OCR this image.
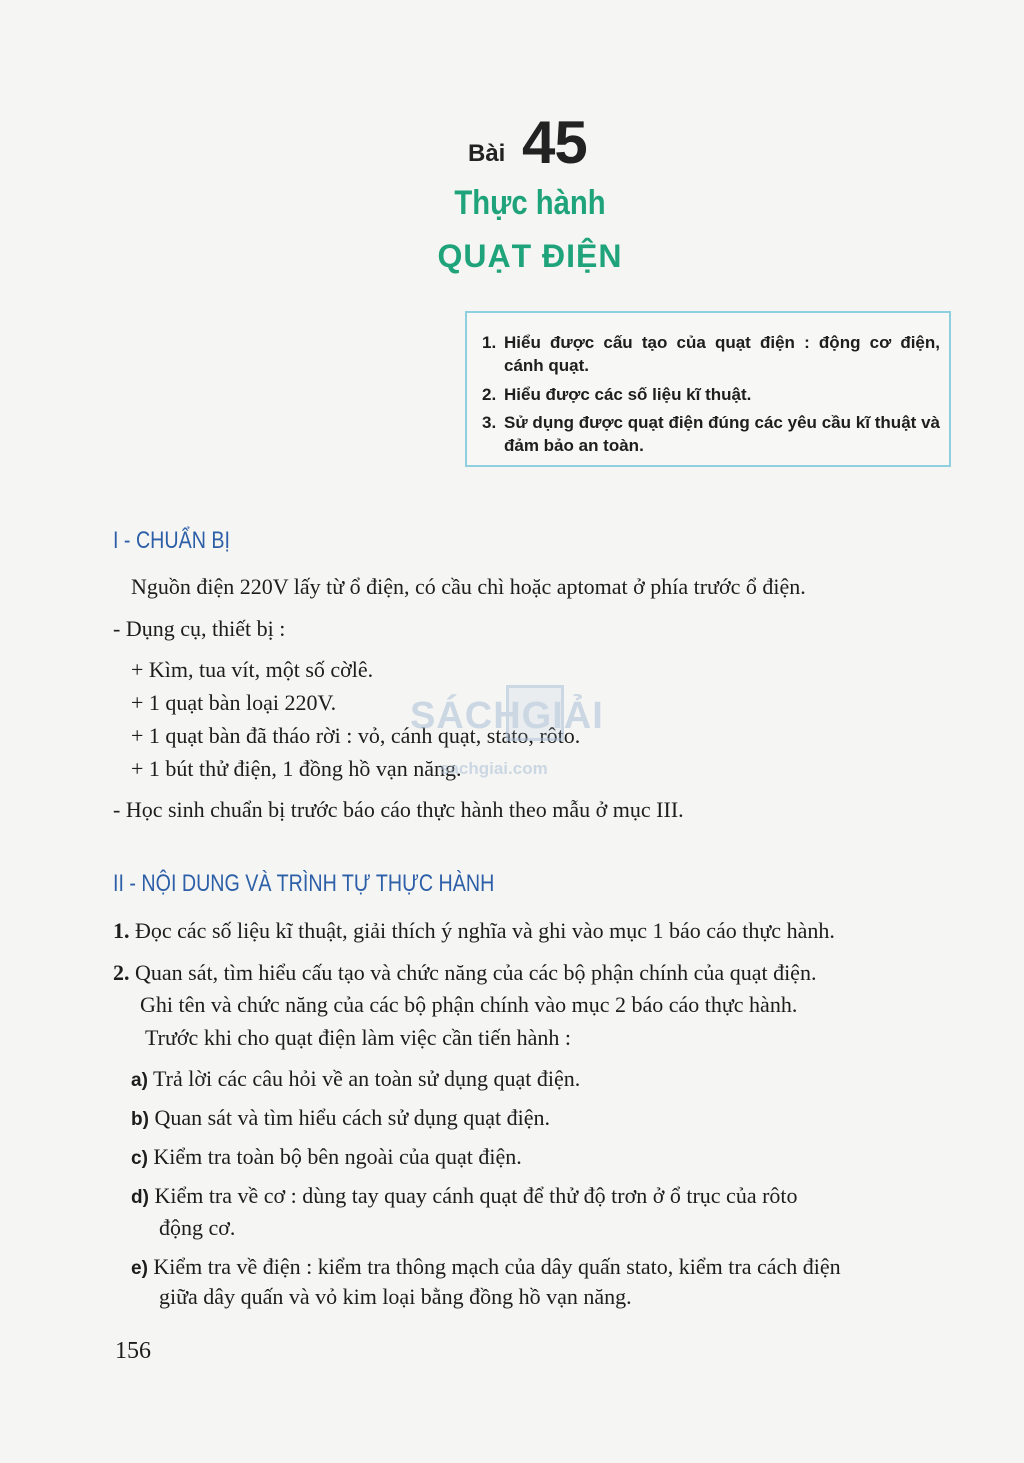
Bài 45
Thực hành
QUẠT ĐIỆN
1. Hiểu được cấu tạo của quạt điện : động cơ điện, cánh quạt.
2. Hiểu được các số liệu kĩ thuật.
3. Sử dụng được quạt điện đúng các yêu cầu kĩ thuật và đảm bảo an toàn.
I - CHUẨN BỊ
Nguồn điện 220V lấy từ ổ điện, có cầu chì hoặc aptomat ở phía trước ổ điện.
- Dụng cụ, thiết bị :
+ Kìm, tua vít, một số cờlê.
+ 1 quạt bàn loại 220V.
+ 1 quạt bàn đã tháo rời : vỏ, cánh quạt, stato, rôto.
+ 1 bút thử điện, 1 đồng hồ vạn năng.
- Học sinh chuẩn bị trước báo cáo thực hành theo mẫu ở mục III.
SÁCHGIẢI
sachgiai.com
II - NỘI DUNG VÀ TRÌNH TỰ THỰC HÀNH
1. Đọc các số liệu kĩ thuật, giải thích ý nghĩa và ghi vào mục 1 báo cáo thực hành.
2. Quan sát, tìm hiểu cấu tạo và chức năng của các bộ phận chính của quạt điện.
Ghi tên và chức năng của các bộ phận chính vào mục 2 báo cáo thực hành.
Trước khi cho quạt điện làm việc cần tiến hành :
a) Trả lời các câu hỏi về an toàn sử dụng quạt điện.
b) Quan sát và tìm hiểu cách sử dụng quạt điện.
c) Kiểm tra toàn bộ bên ngoài của quạt điện.
d) Kiểm tra về cơ : dùng tay quay cánh quạt để thử độ trơn ở ổ trục của rôto
động cơ.
e) Kiểm tra về điện : kiểm tra thông mạch của dây quấn stato, kiểm tra cách điện
giữa dây quấn và vỏ kim loại bằng đồng hồ vạn năng.
156
